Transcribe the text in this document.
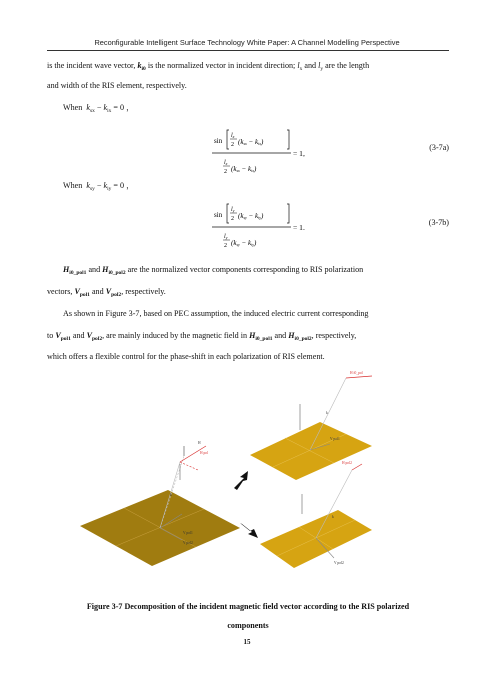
Reconfigurable Intelligent Surface Technology White Paper: A Channel Modelling Perspective
is the incident wave vector, $k_{i0}$ is the normalized vector in incident direction; $l_x$ and $l_y$ are the length
and width of the RIS element, respectively.
When $k_{sx} - k_{ix} = 0$ ，
sin
lx
2 (ksx − kix)
lx
2 (ksx − kix)
= 1,
(3-7a)
When $k_{sy} - k_{iy} = 0$ ，
sin
ly
2 (ksy − kiy)
ly
2 (ksy − kiy)
= 1.
(3-7b)
$H_{i0\_pol1}$ and $H_{i0\_pol2}$ are the normalized vector components corresponding to RIS polarization
vectors, $V_{pol1}$ and $V_{pol2}$, respectively.
As shown in Figure 3-7, based on PEC assumption, the induced electric current corresponding
to $V_{pol1}$ and $V_{pol2}$, are mainly induced by the magnetic field in $H_{i0\_pol1}$ and $H_{i0\_pol2}$, respectively,
which offers a flexible control for the phase-shift in each polarization of RIS element.
H
H pol
V pol1
V pol2
k
H i0_pol
k
V pol1
H pol2
k
V pol2
Figure 3-7 Decomposition of the incident magnetic field vector according to the RIS polarized
components
15
